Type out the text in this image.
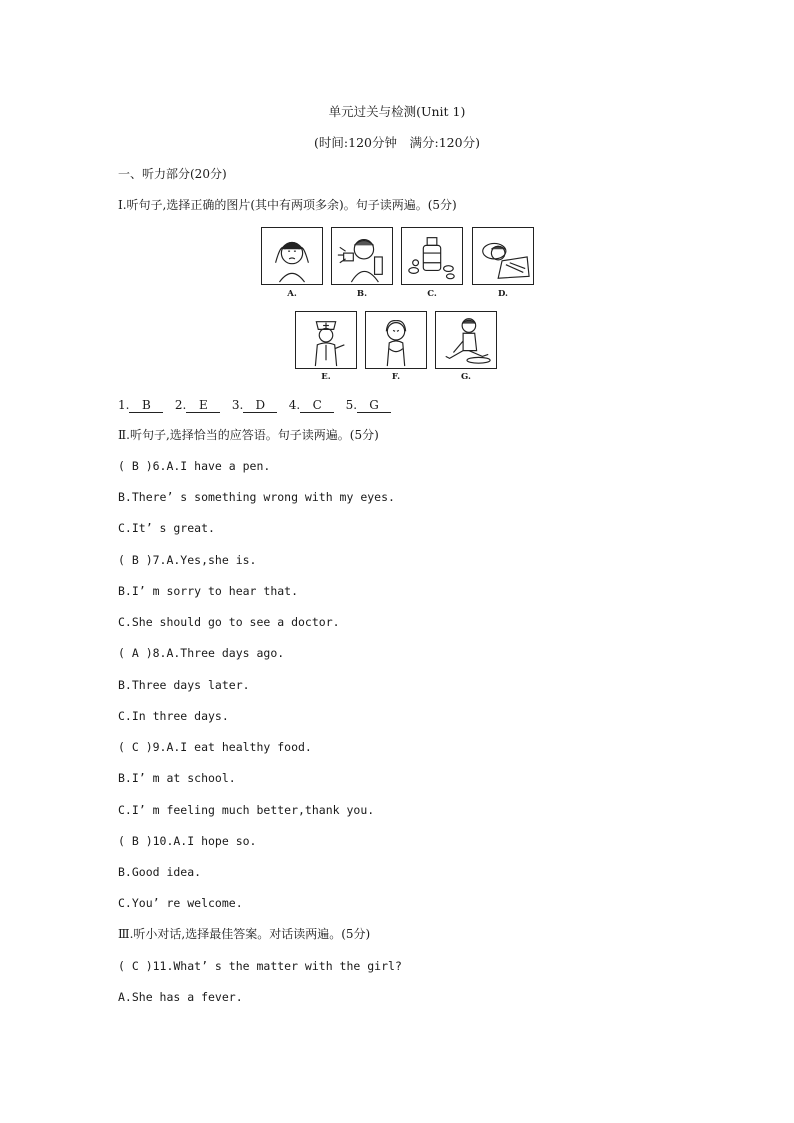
单元过关与检测(Unit 1)
(时间:120分钟　满分:120分)
一、听力部分(20分)
Ⅰ.听句子,选择正确的图片(其中有两项多余)。句子读两遍。(5分)
A.	B.	C.	D.
E.	F.	G.
1. B 2. E 3. D 4. C 5. G
Ⅱ.听句子,选择恰当的应答语。句子读两遍。(5分)
( B )6.A.I have a pen.
B.There’ s something wrong with my eyes.
C.It’ s great.
( B )7.A.Yes,she is.
B.I’ m sorry to hear that.
C.She should go to see a doctor.
( A )8.A.Three days ago.
B.Three days later.
C.In three days.
( C )9.A.I eat healthy food.
B.I’ m at school.
C.I’ m feeling much better,thank you.
( B )10.A.I hope so.
B.Good idea.
C.You’ re welcome.
Ⅲ.听小对话,选择最佳答案。对话读两遍。(5分)
( C )11.What’ s the matter with the girl?
A.She has a fever.
